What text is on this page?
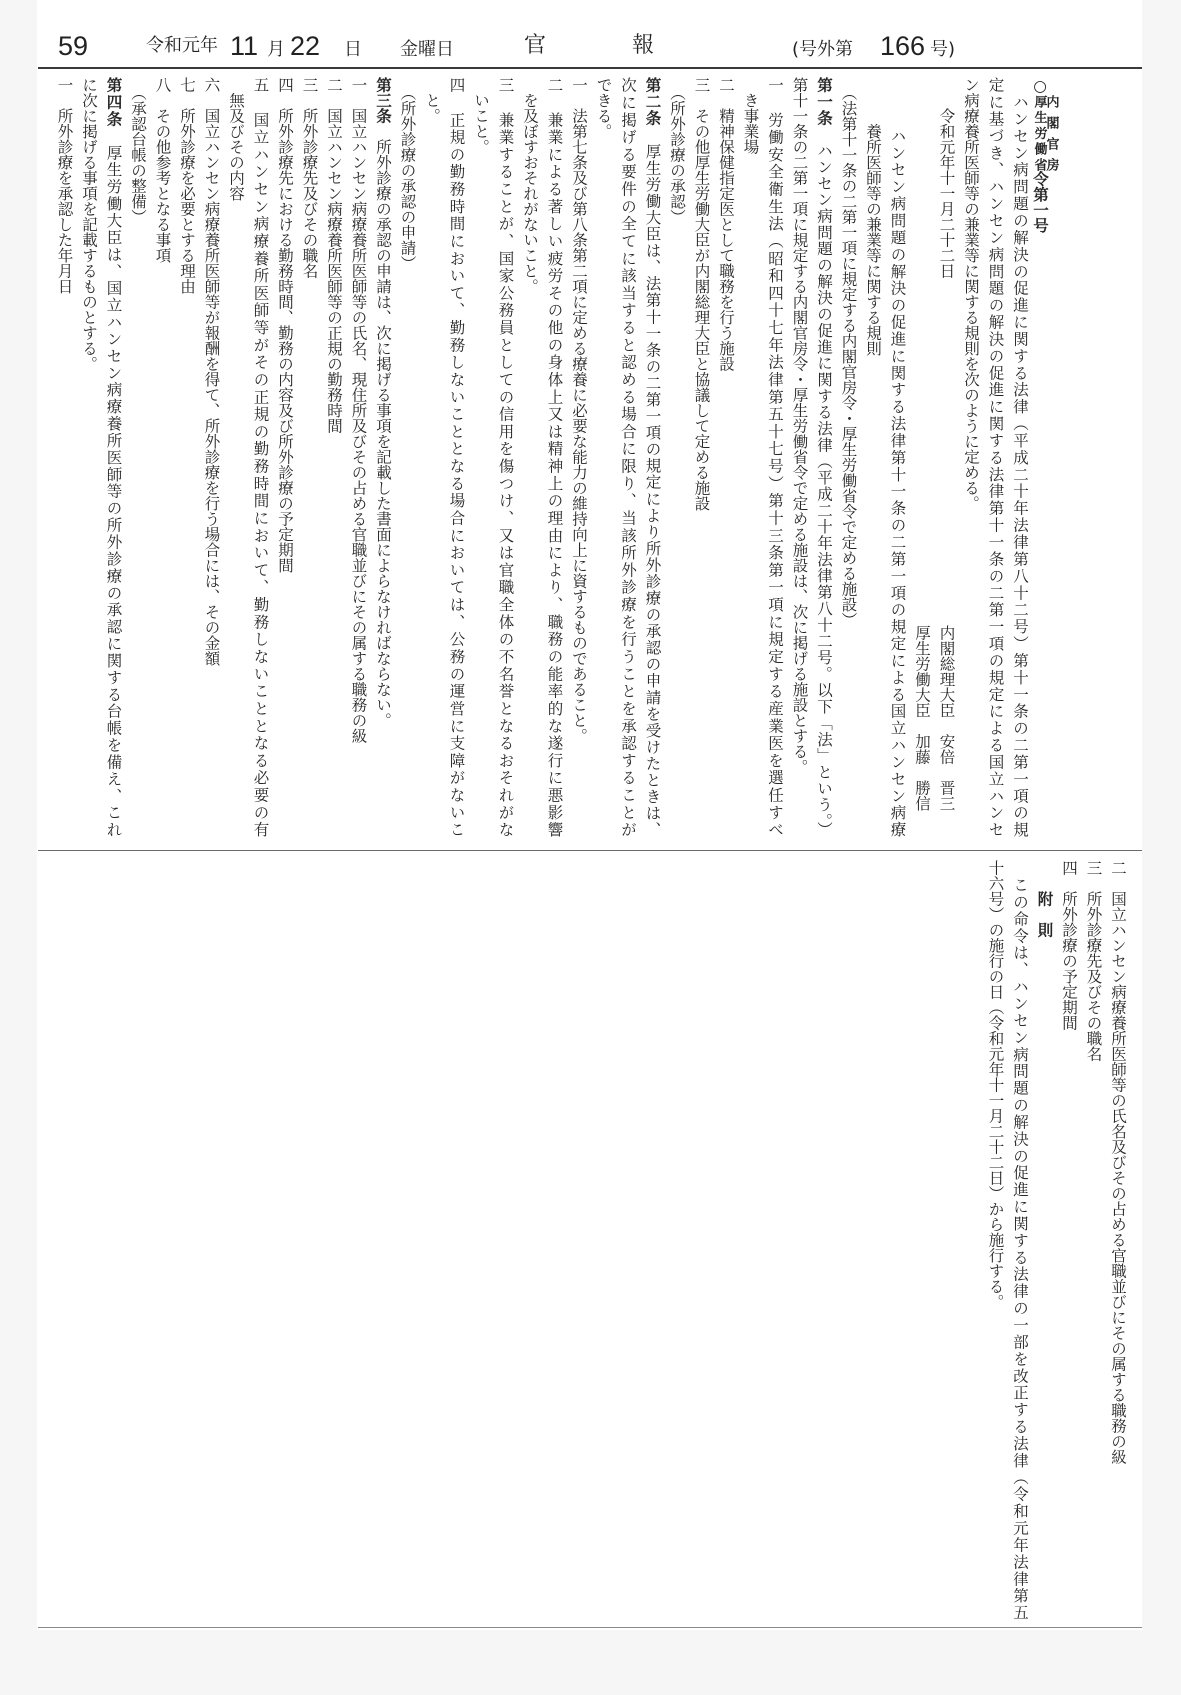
59	令和元年 11 月 22 日 金曜日	官	報	(号外第 166 号)
○
内閣官房
厚生労働省
令第一号
　ハンセン病問題の解決の促進に関する法律（平成二十年法律第八十二号）第十一条の二第一項の規
定に基づき、ハンセン病問題の解決の促進に関する法律第十一条の二第一項の規定による国立ハンセ
ン病療養所医師等の兼業等に関する規則を次のように定める。
　　令和元年十一月二十二日
内閣総理大臣　安倍　晋三
厚生労働大臣　加藤　勝信
　　　ハンセン病問題の解決の促進に関する法律第十一条の二第一項の規定による国立ハンセン病療
　　　養所医師等の兼業等に関する規則
　（法第十一条の二第一項に規定する内閣官房令・厚生労働省令で定める施設）
第一条　ハンセン病問題の解決の促進に関する法律（平成二十年法律第八十二号。以下「法」という。）
第十一条の二第一項に規定する内閣官房令・厚生労働省令で定める施設は、次に掲げる施設とする。
一　労働安全衛生法（昭和四十七年法律第五十七号）第十三条第一項に規定する産業医を選任すべ
　き事業場
二　精神保健指定医として職務を行う施設
三　その他厚生労働大臣が内閣総理大臣と協議して定める施設
　（所外診療の承認）
第二条　厚生労働大臣は、法第十一条の二第一項の規定により所外診療の承認の申請を受けたときは、
次に掲げる要件の全てに該当すると認める場合に限り、当該所外診療を行うことを承認することが
できる。
一　法第七条及び第八条第二項に定める療養に必要な能力の維持向上に資するものであること。
二　兼業による著しい疲労その他の身体上又は精神上の理由により、職務の能率的な遂行に悪影響
　を及ぼすおそれがないこと。
三　兼業することが、国家公務員としての信用を傷つけ、又は官職全体の不名誉となるおそれがな
　いこと。
四　正規の勤務時間において、勤務しないこととなる場合においては、公務の運営に支障がないこ
　と。
　（所外診療の承認の申請）
第三条　所外診療の承認の申請は、次に掲げる事項を記載した書面によらなければならない。
一　国立ハンセン病療養所医師等の氏名、現住所及びその占める官職並びにその属する職務の級
二　国立ハンセン病療養所医師等の正規の勤務時間
三　所外診療先及びその職名
四　所外診療先における勤務時間、勤務の内容及び所外診療の予定期間
五　国立ハンセン病療養所医師等がその正規の勤務時間において、勤務しないこととなる必要の有
　無及びその内容
六　国立ハンセン病療養所医師等が報酬を得て、所外診療を行う場合には、その金額
七　所外診療を必要とする理由
八　その他参考となる事項
　（承認台帳の整備）
第四条　厚生労働大臣は、国立ハンセン病療養所医師等の所外診療の承認に関する台帳を備え、これ
に次に掲げる事項を記載するものとする。
一　所外診療を承認した年月日
二　国立ハンセン病療養所医師等の氏名及びその占める官職並びにその属する職務の級
三　所外診療先及びその職名
四　所外診療の予定期間
　　附　則
　この命令は、ハンセン病問題の解決の促進に関する法律の一部を改正する法律（令和元年法律第五
十六号）の施行の日（令和元年十一月二十二日）から施行する。
